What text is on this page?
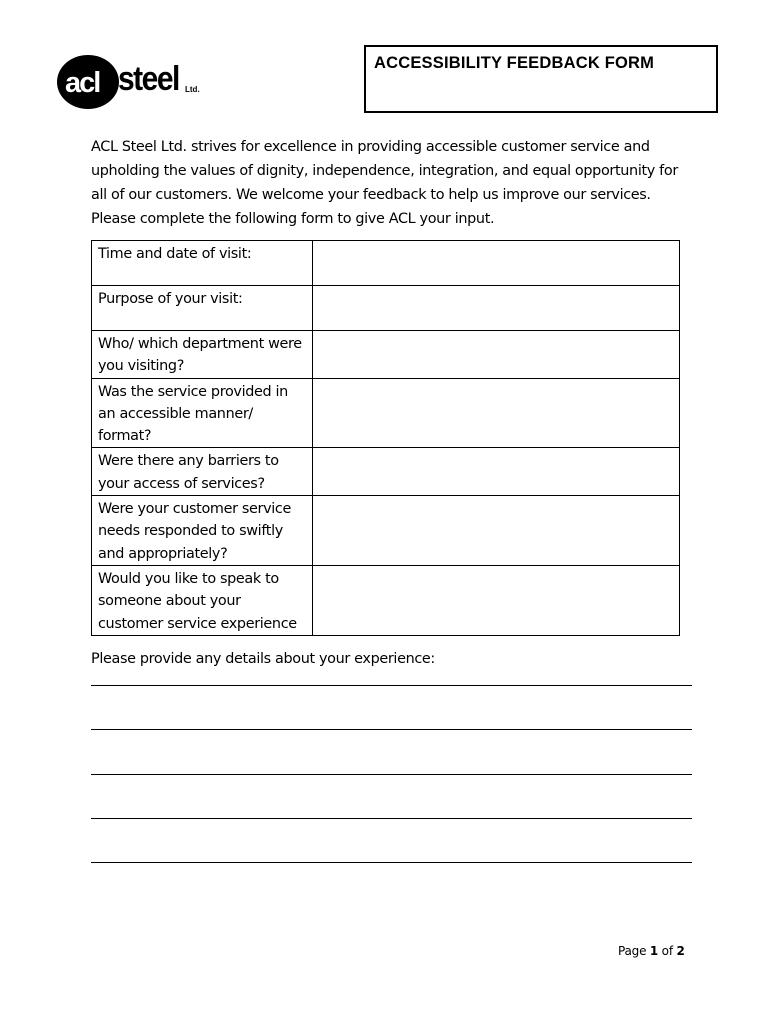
acl steel Ltd.
ACCESSIBILITY FEEDBACK FORM
ACL Steel Ltd. strives for excellence in providing accessible customer service and upholding the values of dignity, independence, integration, and equal opportunity for all of our customers. We welcome your feedback to help us improve our services. Please complete the following form to give ACL your input.
Time and date of visit:	
Purpose of your visit:	
Who/ which department were you visiting?	
Was the service provided in an accessible manner/ format?	
Were there any barriers to your access of services?	
Were your customer service needs responded to swiftly and appropriately?	
Would you like to speak to someone about your customer service experience	
Please provide any details about your experience:
Page 1 of 2
